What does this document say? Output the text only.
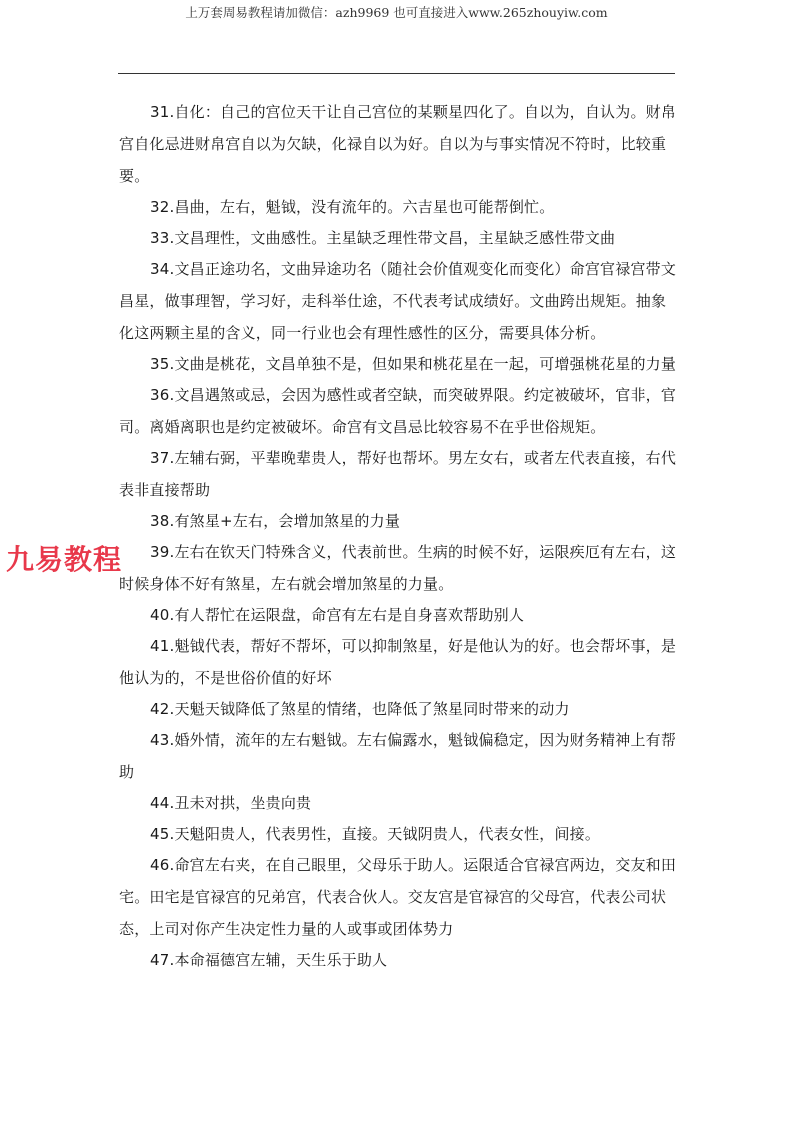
上万套周易教程请加微信：azh9969 也可直接进入www.265zhouyiw.com

31.自化：自己的宫位天干让自己宫位的某颗星四化了。自以为，自认为。财帛宫自化忌进财帛宫自以为欠缺，化禄自以为好。自以为与事实情况不符时，比较重要。

32.昌曲，左右，魁钺，没有流年的。六吉星也可能帮倒忙。

33.文昌理性，文曲感性。主星缺乏理性带文昌，主星缺乏感性带文曲

34.文昌正途功名，文曲异途功名（随社会价值观变化而变化）命宫官禄宫带文昌星，做事理智，学习好，走科举仕途，不代表考试成绩好。文曲跨出规矩。抽象化这两颗主星的含义，同一行业也会有理性感性的区分，需要具体分析。

35.文曲是桃花，文昌单独不是，但如果和桃花星在一起，可增强桃花星的力量

36.文昌遇煞或忌，会因为感性或者空缺，而突破界限。约定被破坏，官非，官司。离婚离职也是约定被破坏。命宫有文昌忌比较容易不在乎世俗规矩。

37.左辅右弼，平辈晚辈贵人，帮好也帮坏。男左女右，或者左代表直接，右代表非直接帮助

38.有煞星+左右，会增加煞星的力量

39.左右在钦天门特殊含义，代表前世。生病的时候不好，运限疾厄有左右，这时候身体不好有煞星，左右就会增加煞星的力量。

40.有人帮忙在运限盘，命宫有左右是自身喜欢帮助别人

41.魁钺代表，帮好不帮坏，可以抑制煞星，好是他认为的好。也会帮坏事，是他认为的，不是世俗价值的好坏

42.天魁天钺降低了煞星的情绪，也降低了煞星同时带来的动力

43.婚外情，流年的左右魁钺。左右偏露水，魁钺偏稳定，因为财务精神上有帮助

44.丑未对拱，坐贵向贵

45.天魁阳贵人，代表男性，直接。天钺阴贵人，代表女性，间接。

46.命宫左右夹，在自己眼里，父母乐于助人。运限适合官禄宫两边，交友和田宅。田宅是官禄宫的兄弟宫，代表合伙人。交友宫是官禄宫的父母宫，代表公司状态，上司对你产生决定性力量的人或事或团体势力

47.本命福德宫左辅，天生乐于助人

九易教程
